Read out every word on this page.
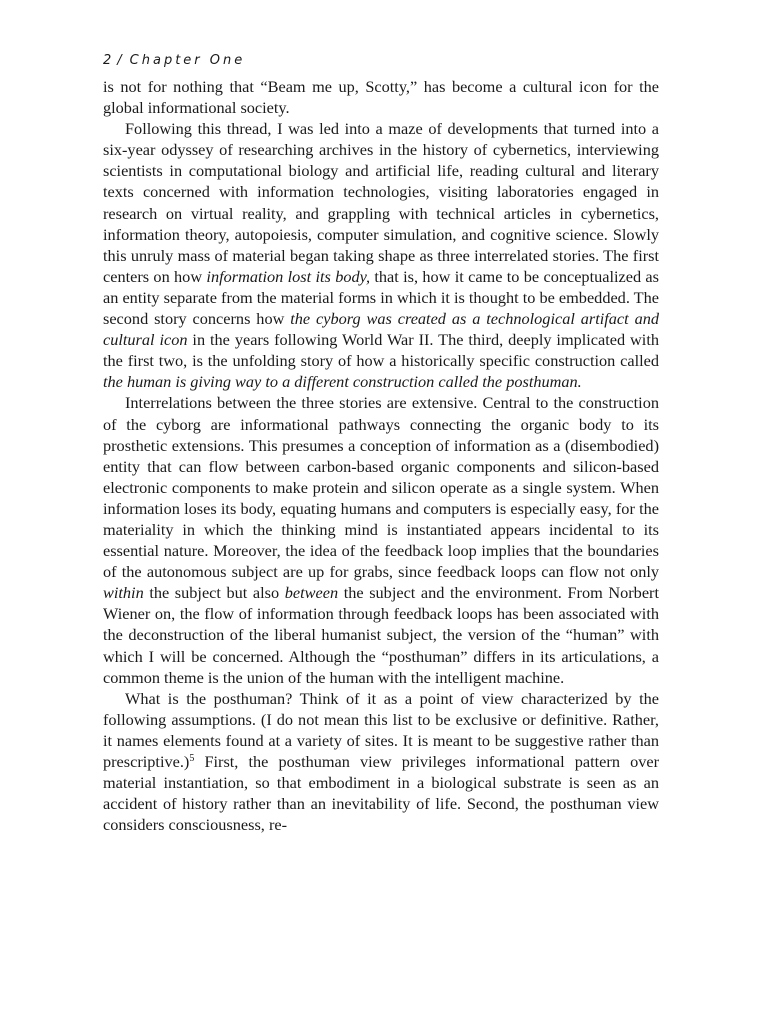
2 / Chapter One

is not for nothing that “Beam me up, Scotty,” has become a cultural icon for the global informational society.

Following this thread, I was led into a maze of developments that turned into a six-year odyssey of researching archives in the history of cybernetics, interviewing scientists in computational biology and artificial life, reading cultural and literary texts concerned with information technologies, visiting laboratories engaged in research on virtual reality, and grappling with technical articles in cybernetics, information theory, autopoiesis, computer simulation, and cognitive science. Slowly this unruly mass of material began taking shape as three interrelated stories. The first centers on how information lost its body, that is, how it came to be conceptualized as an entity separate from the material forms in which it is thought to be embedded. The second story concerns how the cyborg was created as a technological artifact and cultural icon in the years following World War II. The third, deeply implicated with the first two, is the unfolding story of how a historically specific construction called the human is giving way to a different construction called the posthuman.

Interrelations between the three stories are extensive. Central to the construction of the cyborg are informational pathways connecting the organic body to its prosthetic extensions. This presumes a conception of information as a (disembodied) entity that can flow between carbon-based organic components and silicon-based electronic components to make protein and silicon operate as a single system. When information loses its body, equating humans and computers is especially easy, for the materiality in which the thinking mind is instantiated appears incidental to its essential nature. Moreover, the idea of the feedback loop implies that the boundaries of the autonomous subject are up for grabs, since feedback loops can flow not only within the subject but also between the subject and the environment. From Norbert Wiener on, the flow of information through feedback loops has been associated with the deconstruction of the liberal humanist subject, the version of the “human” with which I will be concerned. Although the “posthuman” differs in its articulations, a common theme is the union of the human with the intelligent machine.

What is the posthuman? Think of it as a point of view characterized by the following assumptions. (I do not mean this list to be exclusive or definitive. Rather, it names elements found at a variety of sites. It is meant to be suggestive rather than prescriptive.)$^5$ First, the posthuman view privileges informational pattern over material instantiation, so that embodiment in a biological substrate is seen as an accident of history rather than an inevitability of life. Second, the posthuman view considers consciousness, re-
